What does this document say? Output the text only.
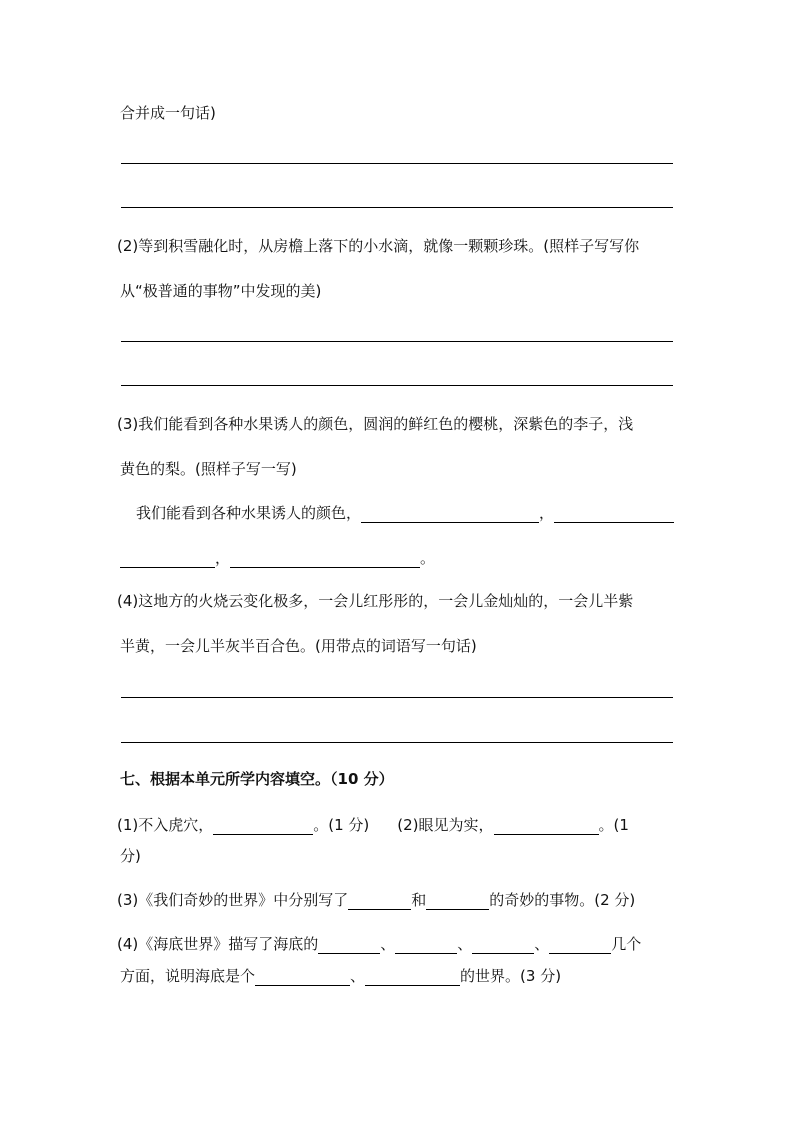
合并成一句话)
(2)等到积雪融化时，从房檐上落下的小水滴，就像一颗颗珍珠。(照样子写写你
从“极普通的事物”中发现的美)
(3)我们能看到各种水果诱人的颜色，圆润的鲜红色的樱桃，深紫色的李子，浅
黄色的梨。(照样子写一写)
我们能看到各种水果诱人的颜色，	，
，	。
(4)这地方的火烧云变化极多，一会儿红彤彤的，一会儿金灿灿的，一会儿半紫
半黄，一会儿半灰半百合色。(用带点的词语写一句话)
七、根据本单元所学内容填空。（10 分）
(1)不入虎穴，	。(1 分) (2)眼见为实，	。(1
分)
(3)《我们奇妙的世界》中分别写了	和	的奇妙的事物。(2 分)
(4)《海底世界》描写了海底的	、	、	、	几个
方面，说明海底是个	、	的世界。(3 分)
